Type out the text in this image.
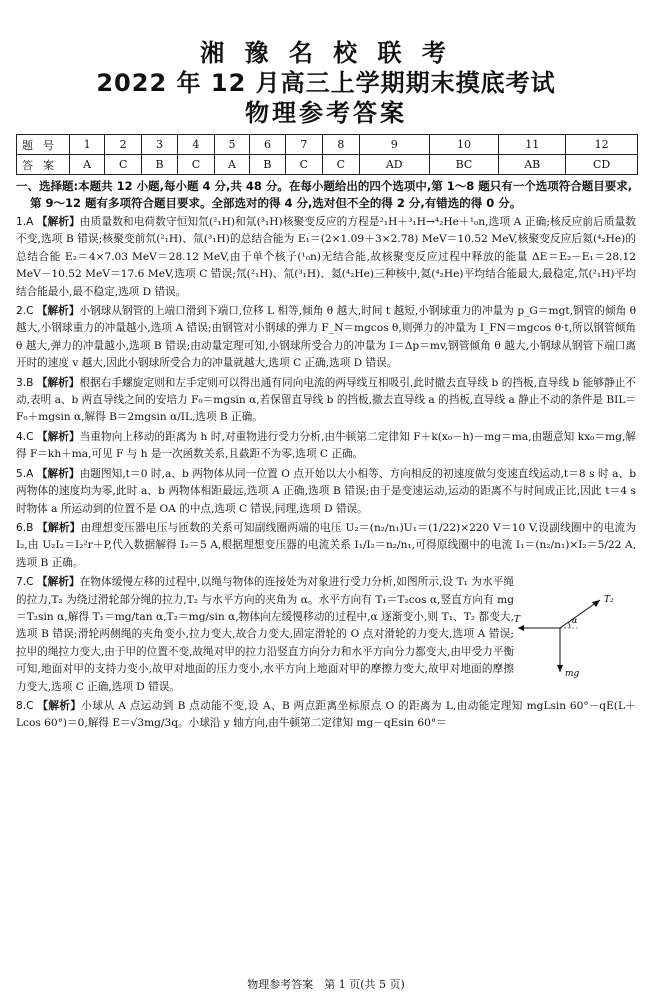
湘 豫 名 校 联 考
2022 年 12 月高三上学期期末摸底考试
物理参考答案
题号	1	2	3	4	5	6	7	8	9	10	11	12
答案	A	C	B	C	A	B	C	C	AD	BC	AB	CD
一、选择题:本题共 12 小题,每小题 4 分,共 48 分。在每小题给出的四个选项中,第 1～8 题只有一个选项符合题目要求,第 9～12 题有多项符合题目要求。全部选对的得 4 分,选对但不全的得 2 分,有错选的得 0 分。
1.A 【解析】由质量数和电荷数守恒知氘(²₁H)和氚(³₁H)核聚变反应的方程是²₁H＋³₁H→⁴₂He＋¹₀n,选项 A 正确;核反应前后质量数不变,选项 B 错误;核聚变前氘(²₁H)、氚(³₁H)的总结合能为 E₁＝(2×1.09＋3×2.78) MeV＝10.52 MeV,核聚变反应后氦(⁴₂He)的总结合能 E₂＝4×7.03 MeV＝28.12 MeV,由于单个核子(¹₀n)无结合能,故核聚变反应过程中释放的能量 ΔE＝E₂－E₁＝28.12 MeV－10.52 MeV＝17.6 MeV,选项 C 错误;氘(²₁H)、氚(³₁H)、氦(⁴₂He)三种核中,氦(⁴₂He)平均结合能最大,最稳定,氘(²₁H)平均结合能最小,最不稳定,选项 D 错误。
2.C 【解析】小钢球从钢管的上端口滑到下端口,位移 L 相等,倾角 θ 越大,时间 t 越短,小钢球重力的冲量为 p_G＝mgt,钢管的倾角 θ 越大,小钢球重力的冲量越小,选项 A 错误;由钢管对小钢球的弹力 F_N＝mgcos θ,则弹力的冲量为 I_FN＝mgcos θ·t,所以钢管倾角 θ 越大,弹力的冲量越小,选项 B 错误;由动量定理可知,小钢球所受合力的冲量为 I＝Δp＝mv,钢管倾角 θ 越大,小钢球从钢管下端口离开时的速度 v 越大,因此小钢球所受合力的冲量就越大,选项 C 正确,选项 D 错误。
3.B 【解析】根据右手螺旋定则和左手定则可以得出通有同向电流的两导线互相吸引,此时撤去直导线 b 的挡板,直导线 b 能够静止不动,表明 a、b 两直导线之间的安培力 F₀＝mgsin α,若保留直导线 b 的挡板,撤去直导线 a 的挡板,直导线 a 静止不动的条件是 BIL＝F₀＋mgsin α,解得 B＝2mgsin α/IL,选项 B 正确。
4.C 【解析】当重物向上移动的距离为 h 时,对重物进行受力分析,由牛顿第二定律知 F＋k(x₀－h)－mg＝ma,由题意知 kx₀＝mg,解得 F＝kh＋ma,可见 F 与 h 是一次函数关系,且截距不为零,选项 C 正确。
5.A 【解析】由题图知,t＝0 时,a、b 两物体从同一位置 O 点开始以大小相等、方向相反的初速度做匀变速直线运动,t＝8 s 时 a、b 两物体的速度均为零,此时 a、b 两物体相距最远,选项 A 正确,选项 B 错误;由于是变速运动,运动的距离不与时间成正比,因此 t＝4 s 时物体 a 所运动到的位置不是 OA 的中点,选项 C 错误,同理,选项 D 错误。
6.B 【解析】由理想变压器电压与匝数的关系可知副线圈两端的电压 U₂＝(n₂/n₁)U₁＝(1/22)×220 V＝10 V,设副线圈中的电流为 I₂,由 U₂I₂＝I₂²r＋P,代入数据解得 I₂＝5 A,根据理想变压器的电流关系 I₁/I₂＝n₂/n₁,可得原线圈中的电流 I₁＝(n₂/n₁)×I₂＝5/22 A,选项 B 正确。
T
T₂
α
mg
7.C 【解析】在物体缓慢左移的过程中,以绳与物体的连接处为对象进行受力分析,如图所示,设 T₁ 为水平绳的拉力,T₂ 为绕过滑轮部分绳的拉力,T₂ 与水平方向的夹角为 α。水平方向有 T₁＝T₂cos α,竖直方向有 mg＝T₂sin α,解得 T₁＝mg/tan α,T₂＝mg/sin α,物体向左缓慢移动的过程中,α 逐渐变小,则 T₁、T₂ 都变大,选项 B 错误;滑轮两侧绳的夹角变小,拉力变大,故合力变大,固定滑轮的 O 点对滑轮的力变大,选项 A 错误;拉甲的绳拉力变大,由于甲的位置不变,故绳对甲的拉力沿竖直方向分力和水平方向分力都变大,由甲受力平衡可知,地面对甲的支持力变小,故甲对地面的压力变小,水平方向上地面对甲的摩擦力变大,故甲对地面的摩擦力变大,选项 C 正确,选项 D 错误。
8.C 【解析】小球从 A 点运动到 B 点动能不变,设 A、B 两点距离坐标原点 O 的距离为 L,由动能定理知 mgLsin 60°－qE(L＋Lcos 60°)＝0,解得 E＝√3mg/3q。小球沿 y 轴方向,由牛顿第二定律知 mg－qEsin 60°＝
物理参考答案　第 1 页(共 5 页)
